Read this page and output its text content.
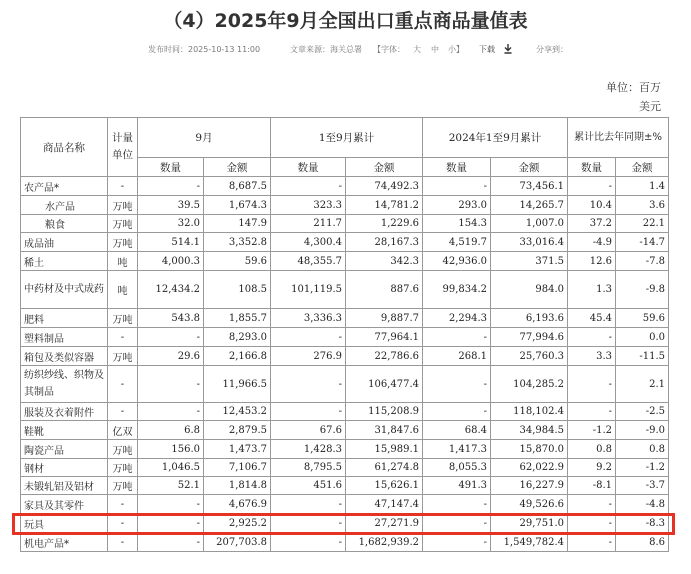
（4）2025年9月全国出口重点商品量值表
发布时间：2025-10-13 11:00	文章来源：海关总署 【字体： 大 中 小】 下载	分享到：
单位：百万美元
商品名称	计量单位	9月		1至9月累计		2024年1至9月累计		累计比去年同期±%	
		数量	金额	数量	金额	数量	金额	数量	金额
农产品*	-	-	8,687.5	-	74,492.3	-	73,456.1	-	1.4
水产品	万吨	39.5	1,674.3	323.3	14,781.2	293.0	14,265.7	10.4	3.6
粮食	万吨	32.0	147.9	211.7	1,229.6	154.3	1,007.0	37.2	22.1
成品油	万吨	514.1	3,352.8	4,300.4	28,167.3	4,519.7	33,016.4	-4.9	-14.7
稀土	吨	4,000.3	59.6	48,355.7	342.3	42,936.0	371.5	12.6	-7.8
中药材及中式成药	吨	12,434.2	108.5	101,119.5	887.6	99,834.2	984.0	1.3	-9.8
肥料	万吨	543.8	1,855.7	3,336.3	9,887.7	2,294.3	6,193.6	45.4	59.6
塑料制品	-	-	8,293.0	-	77,964.1	-	77,994.6	-	0.0
箱包及类似容器	万吨	29.6	2,166.8	276.9	22,786.6	268.1	25,760.3	3.3	-11.5
纺织纱线、织物及其制品	-	-	11,966.5	-	106,477.4	-	104,285.2	-	2.1
服装及衣着附件	-	-	12,453.2	-	115,208.9	-	118,102.4	-	-2.5
鞋靴	亿双	6.8	2,879.5	67.6	31,847.6	68.4	34,984.5	-1.2	-9.0
陶瓷产品	万吨	156.0	1,473.7	1,428.3	15,989.1	1,417.3	15,870.0	0.8	0.8
钢材	万吨	1,046.5	7,106.7	8,795.5	61,274.8	8,055.3	62,022.9	9.2	-1.2
未锻轧铝及铝材	万吨	52.1	1,814.8	451.6	15,626.1	491.3	16,227.9	-8.1	-3.7
家具及其零件	-	-	4,676.9	-	47,147.4	-	49,526.6	-	-4.8
玩具	-	-	2,925.2	-	27,271.9	-	29,751.0	-	-8.3
机电产品*	-	-	207,703.8	-	1,682,939.2	-	1,549,782.4	-	8.6
